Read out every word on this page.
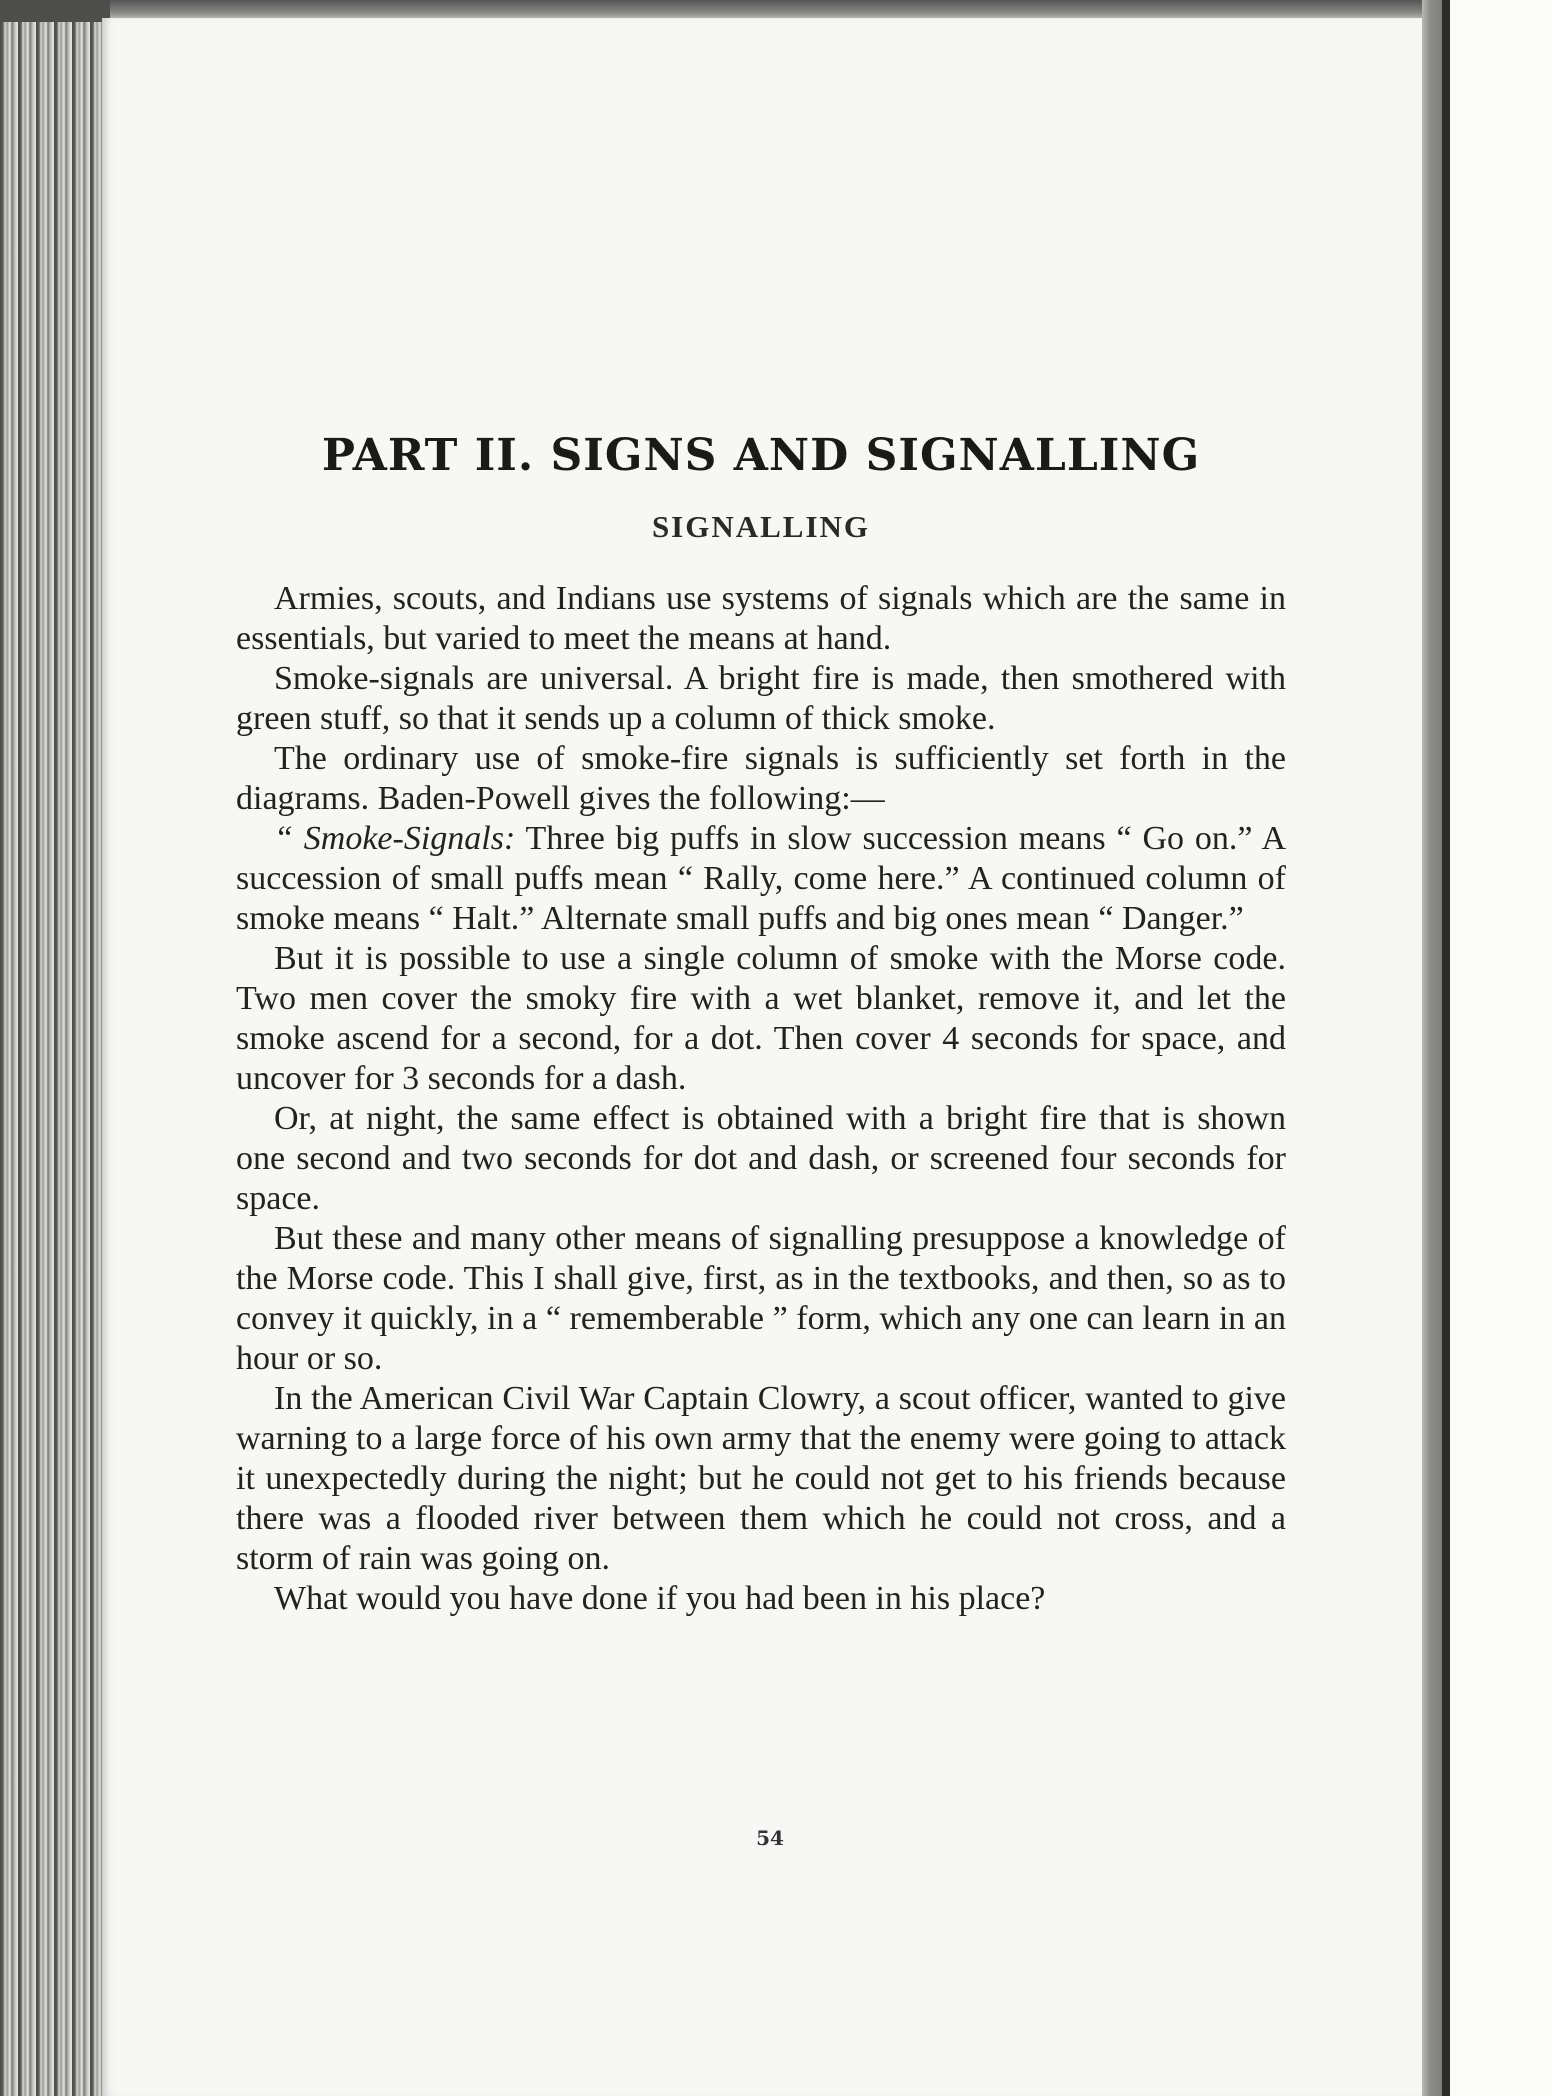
PART II. SIGNS AND SIGNALLING
SIGNALLING

Armies, scouts, and Indians use systems of signals which are the same in essentials, but varied to meet the means at hand.

Smoke-signals are universal. A bright fire is made, then smothered with green stuff, so that it sends up a column of thick smoke.

The ordinary use of smoke-fire signals is sufficiently set forth in the diagrams. Baden-Powell gives the following:—

“ Smoke-Signals: Three big puffs in slow succession means “ Go on.” A succession of small puffs mean “ Rally, come here.” A continued column of smoke means “ Halt.” Alternate small puffs and big ones mean “ Danger.”

But it is possible to use a single column of smoke with the Morse code. Two men cover the smoky fire with a wet blanket, remove it, and let the smoke ascend for a second, for a dot. Then cover 4 seconds for space, and uncover for 3 seconds for a dash.

Or, at night, the same effect is obtained with a bright fire that is shown one second and two seconds for dot and dash, or screened four seconds for space.

But these and many other means of signalling presuppose a knowledge of the Morse code. This I shall give, first, as in the textbooks, and then, so as to convey it quickly, in a “ rememberable ” form, which any one can learn in an hour or so.

In the American Civil War Captain Clowry, a scout officer, wanted to give warning to a large force of his own army that the enemy were going to attack it unexpectedly during the night; but he could not get to his friends because there was a flooded river between them which he could not cross, and a storm of rain was going on.

What would you have done if you had been in his place?

54
